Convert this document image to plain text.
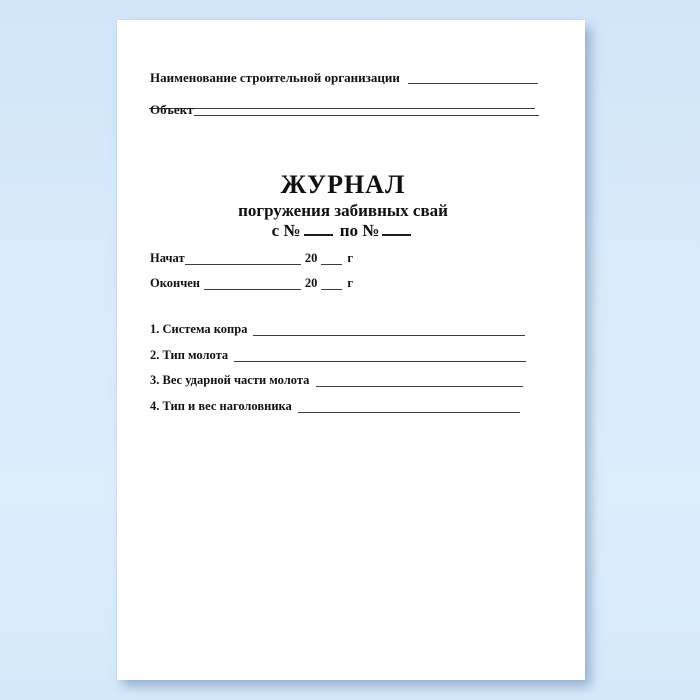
Наименование строительной организации
Объект
ЖУРНАЛ
погружения забивных свай
с № по №
Начат	20 г
Окончен	20 г
1. Система копра
2. Тип молота
3. Вес ударной части молота
4. Тип и вес наголовника
